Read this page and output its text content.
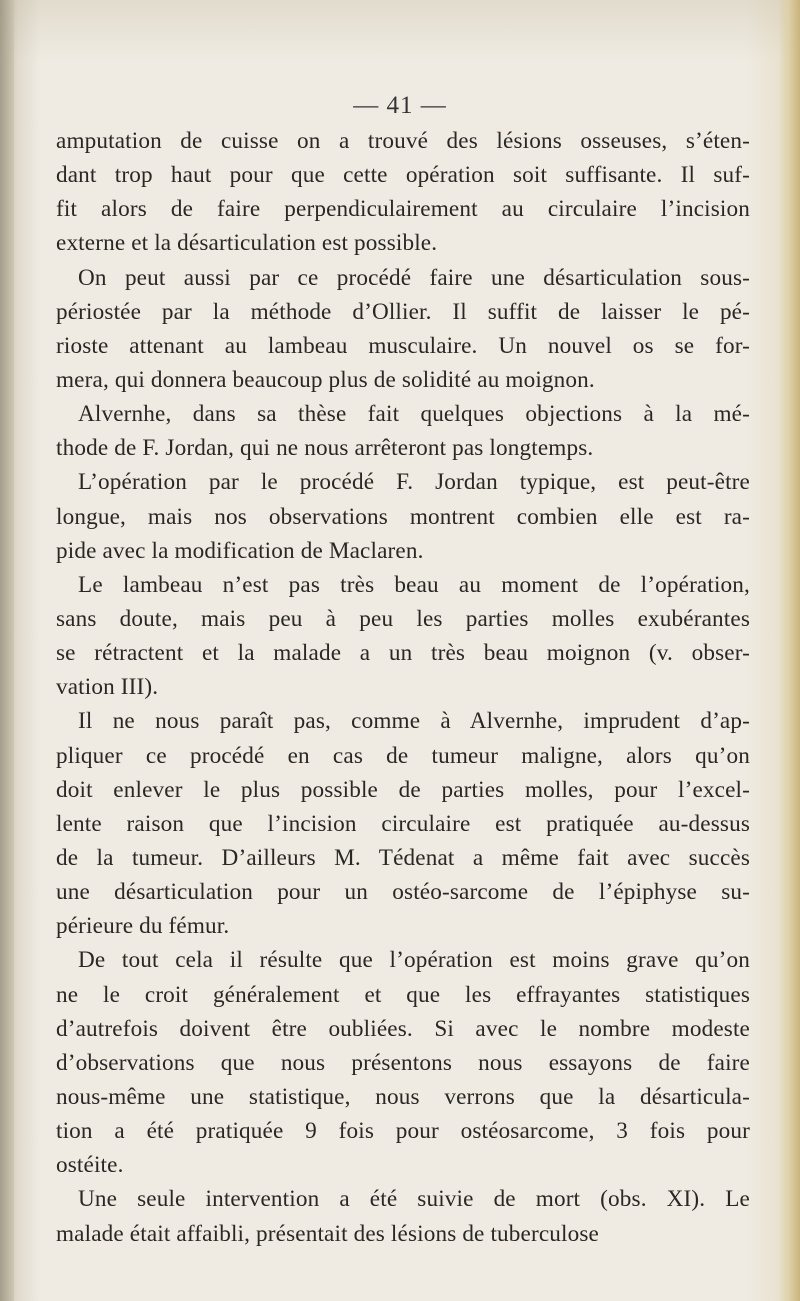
— 41 —
amputation de cuisse on a trouvé des lésions osseuses, s’éten-
dant trop haut pour que cette opération soit suffisante. Il suf-
fit alors de faire perpendiculairement au circulaire l’incision
externe et la désarticulation est possible.
On peut aussi par ce procédé faire une désarticulation sous-
périostée par la méthode d’Ollier. Il suffit de laisser le pé-
rioste attenant au lambeau musculaire. Un nouvel os se for-
mera, qui donnera beaucoup plus de solidité au moignon.
Alvernhe, dans sa thèse fait quelques objections à la mé-
thode de F. Jordan, qui ne nous arrêteront pas longtemps.
L’opération par le procédé F. Jordan typique, est peut-être
longue, mais nos observations montrent combien elle est ra-
pide avec la modification de Maclaren.
Le lambeau n’est pas très beau au moment de l’opération,
sans doute, mais peu à peu les parties molles exubérantes
se rétractent et la malade a un très beau moignon (v. obser-
vation III).
Il ne nous paraît pas, comme à Alvernhe, imprudent d’ap-
pliquer ce procédé en cas de tumeur maligne, alors qu’on
doit enlever le plus possible de parties molles, pour l’excel-
lente raison que l’incision circulaire est pratiquée au-dessus
de la tumeur. D’ailleurs M. Tédenat a même fait avec succès
une désarticulation pour un ostéo-sarcome de l’épiphyse su-
périeure du fémur.
De tout cela il résulte que l’opération est moins grave qu’on
ne le croit généralement et que les effrayantes statistiques
d’autrefois doivent être oubliées. Si avec le nombre modeste
d’observations que nous présentons nous essayons de faire
nous-même une statistique, nous verrons que la désarticula-
tion a été pratiquée 9 fois pour ostéosarcome, 3 fois pour
ostéite.
Une seule intervention a été suivie de mort (obs. XI). Le
malade était affaibli, présentait des lésions de tuberculose
